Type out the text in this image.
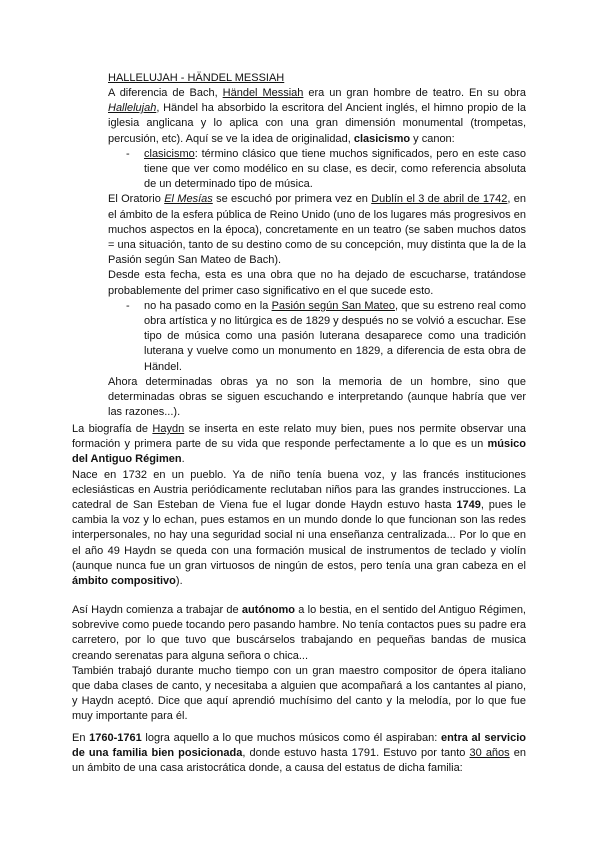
HALLELUJAH - HÄNDEL MESSIAH

A diferencia de Bach, Händel Messiah era un gran hombre de teatro. En su obra Hallelujah, Händel ha absorbido la escritora del Ancient inglés, el himno propio de la iglesia anglicana y lo aplica con una gran dimensión monumental (trompetas, percusión, etc). Aquí se ve la idea de originalidad, clasicismo y canon:

- clasicismo: término clásico que tiene muchos significados, pero en este caso tiene que ver como modélico en su clase, es decir, como referencia absoluta de un determinado tipo de música.

El Oratorio El Mesías se escuchó por primera vez en Dublín el 3 de abril de 1742, en el ámbito de la esfera pública de Reino Unido (uno de los lugares más progresivos en muchos aspectos en la época), concretamente en un teatro (se saben muchos datos = una situación, tanto de su destino como de su concepción, muy distinta que la de la Pasión según San Mateo de Bach).

Desde esta fecha, esta es una obra que no ha dejado de escucharse, tratándose probablemente del primer caso significativo en el que sucede esto.

- no ha pasado como en la Pasión según San Mateo, que su estreno real como obra artística y no litúrgica es de 1829 y después no se volvió a escuchar. Ese tipo de música como una pasión luterana desaparece como una tradición luterana y vuelve como un monumento en 1829, a diferencia de esta obra de Händel.

Ahora determinadas obras ya no son la memoria de un hombre, sino que determinadas obras se siguen escuchando e interpretando (aunque habría que ver las razones...).

La biografía de Haydn se inserta en este relato muy bien, pues nos permite observar una formación y primera parte de su vida que responde perfectamente a lo que es un músico del Antiguo Régimen.

Nace en 1732 en un pueblo. Ya de niño tenía buena voz, y las francés instituciones eclesiásticas en Austria periódicamente reclutaban niños para las grandes instrucciones. La catedral de San Esteban de Viena fue el lugar donde Haydn estuvo hasta 1749, pues le cambia la voz y lo echan, pues estamos en un mundo donde lo que funcionan son las redes interpersonales, no hay una seguridad social ni una enseñanza centralizada... Por lo que en el año 49 Haydn se queda con una formación musical de instrumentos de teclado y violín (aunque nunca fue un gran virtuosos de ningún de estos, pero tenía una gran cabeza en el ámbito compositivo).

Así Haydn comienza a trabajar de autónomo a lo bestia, en el sentido del Antiguo Régimen, sobrevive como puede tocando pero pasando hambre. No tenía contactos pues su padre era carretero, por lo que tuvo que buscárselos trabajando en pequeñas bandas de musica creando serenatas para alguna señora o chica...

También trabajó durante mucho tiempo con un gran maestro compositor de ópera italiano que daba clases de canto, y necesitaba a alguien que acompañará a los cantantes al piano, y Haydn aceptó. Dice que aquí aprendió muchísimo del canto y la melodía, por lo que fue muy importante para él.

En 1760-1761 logra aquello a lo que muchos músicos como él aspiraban: entra al servicio de una familia bien posicionada, donde estuvo hasta 1791. Estuvo por tanto 30 años en un ámbito de una casa aristocrática donde, a causa del estatus de dicha familia:
